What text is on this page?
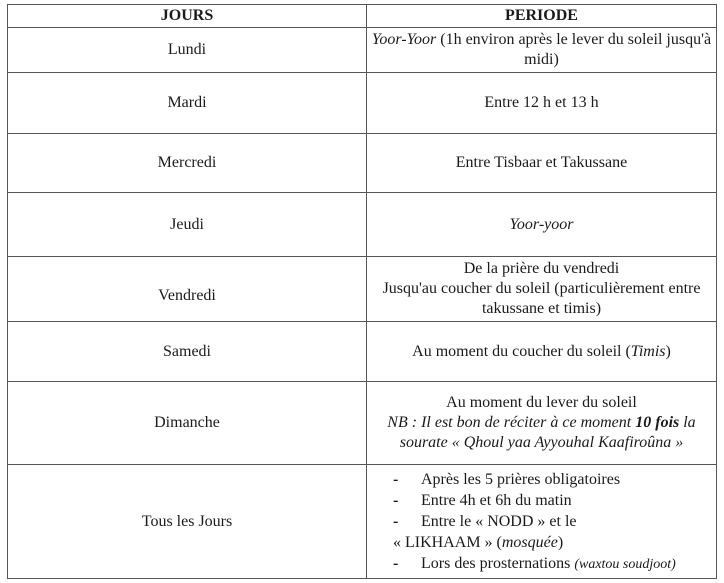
JOURS	PERIODE
Lundi	Yoor-Yoor (1h environ après le lever du soleil jusqu'à midi)
Mardi	Entre 12 h et 13 h
Mercredi	Entre Tisbaar et Takussane
Jeudi	Yoor-yoor
Vendredi	De la prière du vendredi
Jusqu'au coucher du soleil (particulièrement entre takussane et timis)

Samedi	Au moment du coucher du soleil (Timis)
Dimanche	Au moment du lever du soleil
NB : Il est bon de réciter à ce moment 10 fois la sourate « Qhoul yaa Ayyouhal Kaafiroûna »
Tous les Jours	- Après les 5 prières obligatoires
- Entre 4h et 6h du matin
- Entre le « NODD » et le
« LIKHAAM » (mosquée)
- Lors des prosternations (waxtou soudjoot)
